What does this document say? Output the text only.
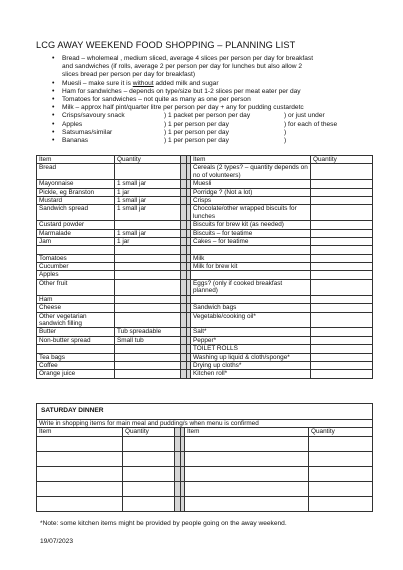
LCG AWAY WEEKEND FOOD SHOPPING – PLANNING LIST
• Bread – wholemeal , medium sliced, average 4 slices per person per day for breakfast
and sandwiches (if rolls, average 2 per person per day for lunches but also allow 2
slices bread per person per day for breakfast)
• Muesli – make sure it is without added milk and sugar
• Ham for sandwiches – depends on type/size but 1-2 slices per meat eater per day
• Tomatoes for sandwiches – not quite as many as one per person
• Milk – approx half pint/quarter litre per person per day + any for pudding custardetc
• Crisps/savoury snack	) 1 packet per person per day	) or just under
• Apples	) 1 per person per day	) for each of these
• Satsumas/similar	) 1 per person per day	)
• Bananas	) 1 per person per day	)
Item	Quantity			Item	Quantity
Bread				Cereals (2 types? – quantity depends on no of volunteers)	
Mayonnaise	1 small jar			Muesli	
Pickle, eg Branston	1 jar			Porridge ? (Not a lot)	
Mustard	1 small jar			Crisps	
Sandwich spread	1 small jar			Chocolate/other wrapped biscuits for lunches	
Custard powder				Biscuits for brew kit (as needed)	
Marmalade	1 small jar			Biscuits – for teatime	
Jam	1 jar			Cakes – for teatime	

Tomatoes				Milk	
Cucumber				Milk for brew kit	
Apples					
Other fruit				Eggs? (only if cooked breakfast planned)	
Ham					
Cheese				Sandwich bags	
Other vegetarian sandwich filling				Vegetable/cooking oil*	
Butter	Tub spreadable			Salt*	
Non-butter spread	Small tub			Pepper*	
				TOILET ROLLS	
Tea bags				Washing up liquid & cloth/sponge*	
Coffee				Drying up cloths*	
Orange juice				Kitchen roll*	
SATURDAY DINNER
Write in shopping items for main meal and pudding/s when menu is confirmed					
Item	Quantity			Item	Quantity

*Note: some kitchen items might be provided by people going on the away weekend.
19/07/2023
